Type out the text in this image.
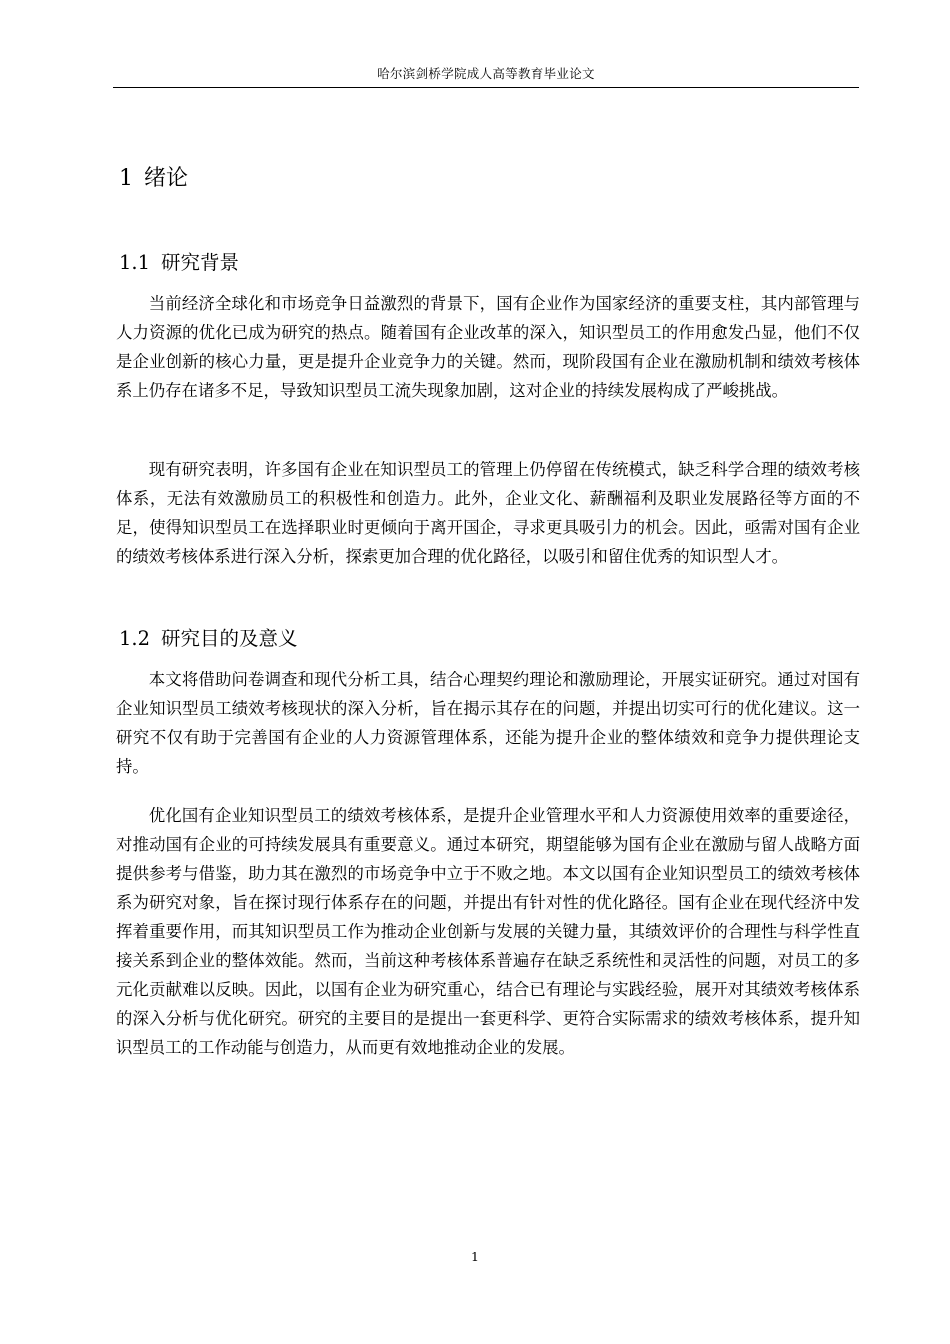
哈尔滨剑桥学院成人高等教育毕业论文
1 绪论
1.1 研究背景

当前经济全球化和市场竞争日益激烈的背景下，国有企业作为国家经济的重要支柱，其内部管理与人力资源的优化已成为研究的热点。随着国有企业改革的深入，知识型员工的作用愈发凸显，他们不仅是企业创新的核心力量，更是提升企业竞争力的关键。然而，现阶段国有企业在激励机制和绩效考核体系上仍存在诸多不足，导致知识型员工流失现象加剧，这对企业的持续发展构成了严峻挑战。

现有研究表明，许多国有企业在知识型员工的管理上仍停留在传统模式，缺乏科学合理的绩效考核体系，无法有效激励员工的积极性和创造力。此外，企业文化、薪酬福利及职业发展路径等方面的不足，使得知识型员工在选择职业时更倾向于离开国企，寻求更具吸引力的机会。因此，亟需对国有企业的绩效考核体系进行深入分析，探索更加合理的优化路径，以吸引和留住优秀的知识型人才。

1.2 研究目的及意义

本文将借助问卷调查和现代分析工具，结合心理契约理论和激励理论，开展实证研究。通过对国有企业知识型员工绩效考核现状的深入分析，旨在揭示其存在的问题，并提出切实可行的优化建议。这一研究不仅有助于完善国有企业的人力资源管理体系，还能为提升企业的整体绩效和竞争力提供理论支持。

优化国有企业知识型员工的绩效考核体系，是提升企业管理水平和人力资源使用效率的重要途径，对推动国有企业的可持续发展具有重要意义。通过本研究，期望能够为国有企业在激励与留人战略方面提供参考与借鉴，助力其在激烈的市场竞争中立于不败之地。本文以国有企业知识型员工的绩效考核体系为研究对象，旨在探讨现行体系存在的问题，并提出有针对性的优化路径。国有企业在现代经济中发挥着重要作用，而其知识型员工作为推动企业创新与发展的关键力量，其绩效评价的合理性与科学性直接关系到企业的整体效能。然而，当前这种考核体系普遍存在缺乏系统性和灵活性的问题，对员工的多元化贡献难以反映。因此，以国有企业为研究重心，结合已有理论与实践经验，展开对其绩效考核体系的深入分析与优化研究。研究的主要目的是提出一套更科学、更符合实际需求的绩效考核体系，提升知识型员工的工作动能与创造力，从而更有效地推动企业的发展。

1
